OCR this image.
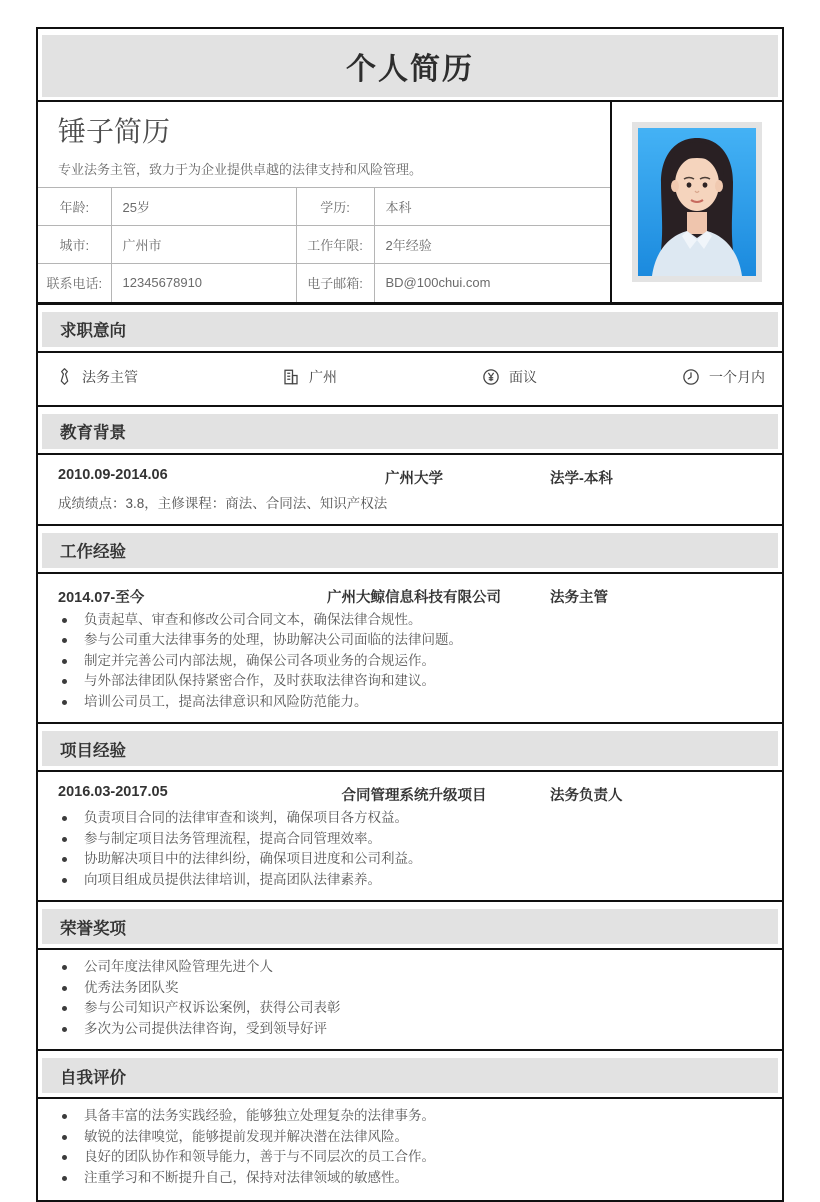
个人简历
锤子简历
专业法务主管，致力于为企业提供卓越的法律支持和风险管理。
年龄:	25岁	学历:	本科
城市:	广州市	工作年限:	2年经验
联系电话:	12345678910	电子邮箱:	BD@100chui.com
求职意向
法务主管	广州	面议	一个月内
教育背景
2010.09-2014.06	广州大学	法学-本科
成绩绩点：3.8，主修课程：商法、合同法、知识产权法
工作经验
2014.07-至今	广州大鲸信息科技有限公司	法务主管
负责起草、审查和修改公司合同文本，确保法律合规性。
参与公司重大法律事务的处理，协助解决公司面临的法律问题。
制定并完善公司内部法规，确保公司各项业务的合规运作。
与外部法律团队保持紧密合作，及时获取法律咨询和建议。
培训公司员工，提高法律意识和风险防范能力。
项目经验
2016.03-2017.05	合同管理系统升级项目	法务负责人
负责项目合同的法律审查和谈判，确保项目各方权益。
参与制定项目法务管理流程，提高合同管理效率。
协助解决项目中的法律纠纷，确保项目进度和公司利益。
向项目组成员提供法律培训，提高团队法律素养。
荣誉奖项
公司年度法律风险管理先进个人
优秀法务团队奖
参与公司知识产权诉讼案例，获得公司表彰
多次为公司提供法律咨询，受到领导好评
自我评价
具备丰富的法务实践经验，能够独立处理复杂的法律事务。
敏锐的法律嗅觉，能够提前发现并解决潜在法律风险。
良好的团队协作和领导能力，善于与不同层次的员工合作。
注重学习和不断提升自己，保持对法律领域的敏感性。
